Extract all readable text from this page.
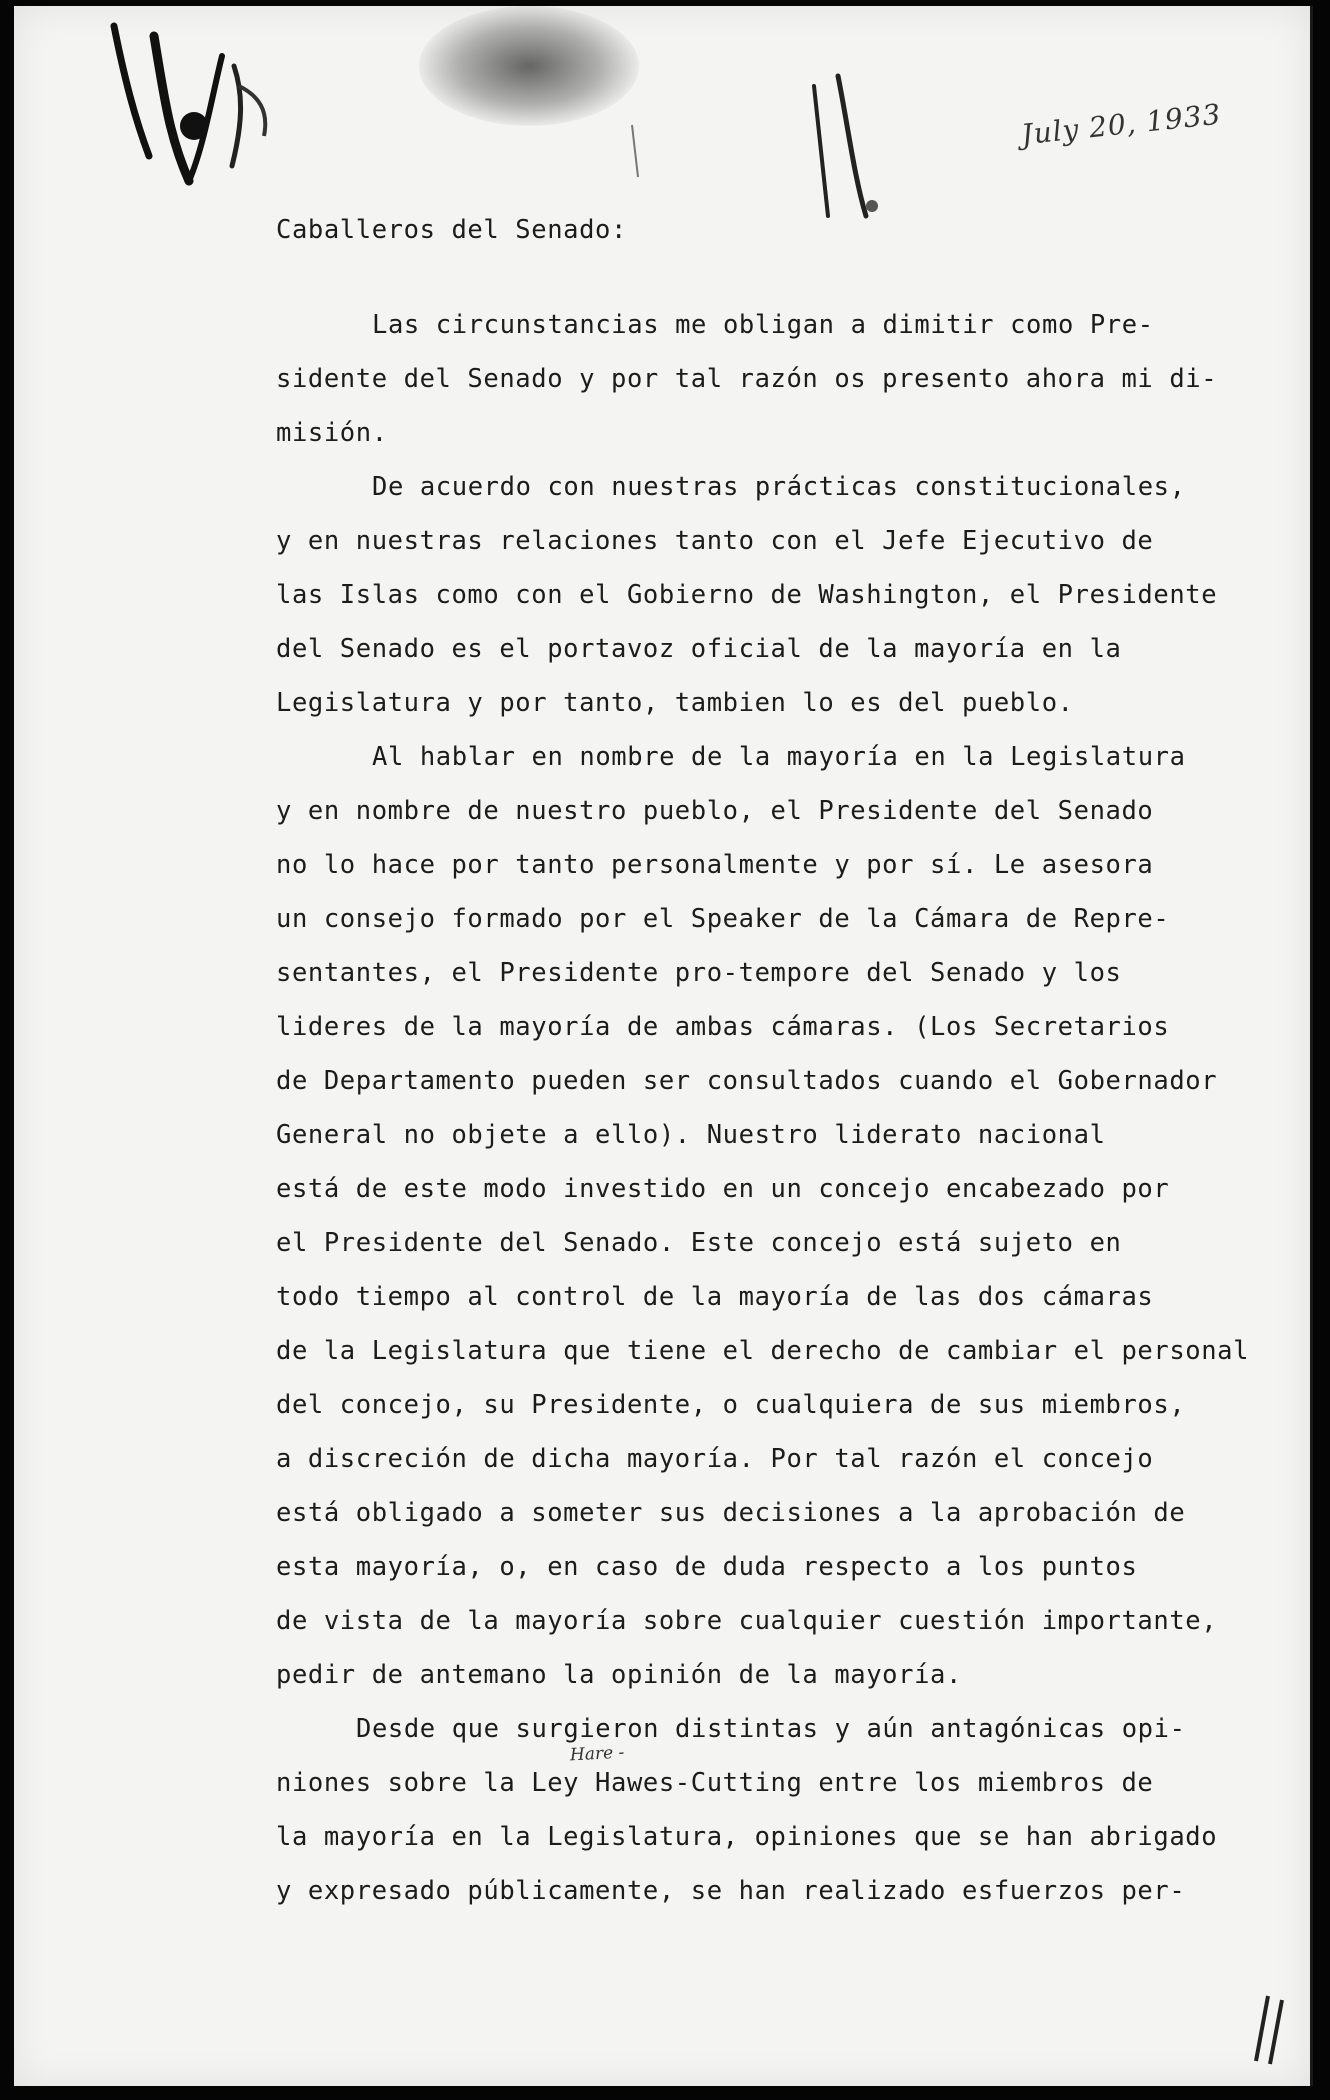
July 20, 1933
Hare -
Caballeros del Senado:
Las circunstancias me obligan a dimitir como Pre-
sidente del Senado y por tal razón os presento ahora mi di-
misión.
De acuerdo con nuestras prácticas constitucionales,
y en nuestras relaciones tanto con el Jefe Ejecutivo de
las Islas como con el Gobierno de Washington, el Presidente
del Senado es el portavoz oficial de la mayoría en la
Legislatura y por tanto, tambien lo es del pueblo.
Al hablar en nombre de la mayoría en la Legislatura
y en nombre de nuestro pueblo, el Presidente del Senado
no lo hace por tanto personalmente y por sí. Le asesora
un consejo formado por el Speaker de la Cámara de Repre-
sentantes, el Presidente pro-tempore del Senado y los
lideres de la mayoría de ambas cámaras. (Los Secretarios
de Departamento pueden ser consultados cuando el Gobernador
General no objete a ello). Nuestro liderato nacional
está de este modo investido en un concejo encabezado por
el Presidente del Senado. Este concejo está sujeto en
todo tiempo al control de la mayoría de las dos cámaras
de la Legislatura que tiene el derecho de cambiar el personal
del concejo, su Presidente, o cualquiera de sus miembros,
a discreción de dicha mayoría. Por tal razón el concejo
está obligado a someter sus decisiones a la aprobación de
esta mayoría, o, en caso de duda respecto a los puntos
de vista de la mayoría sobre cualquier cuestión importante,
pedir de antemano la opinión de la mayoría.
Desde que surgieron distintas y aún antagónicas opi-
niones sobre la Ley Hawes-Cutting entre los miembros de
la mayoría en la Legislatura, opiniones que se han abrigado
y expresado públicamente, se han realizado esfuerzos per-
